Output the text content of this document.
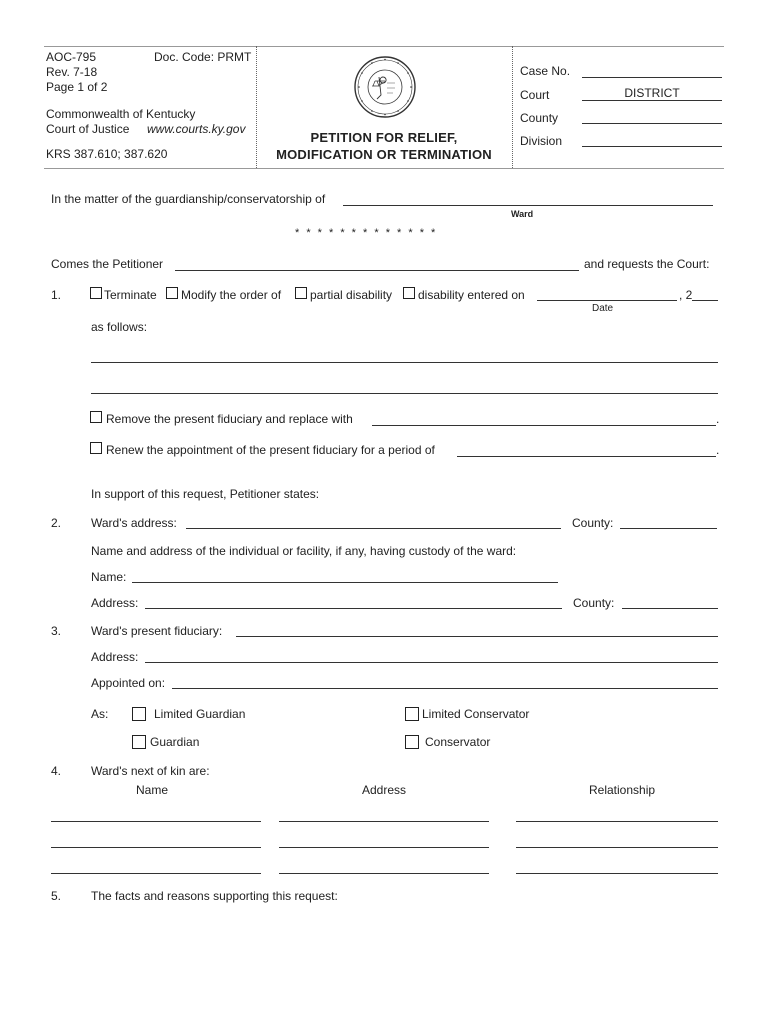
AOC-795	Doc. Code: PRMT
Rev. 7-18
Page 1 of 2
Commonwealth of Kentucky
Court of Justice www.courts.ky.gov
KRS 387.610; 387.620
PETITION FOR RELIEF,
MODIFICATION OR TERMINATION
Case No.
Court	DISTRICT
County
Division
In the matter of the guardianship/conservatorship of
Ward
* * * * * * * * * * * * *
Comes the Petitioner	and requests the Court:
1.	Terminate Modify the order of partial disability disability entered on	, 2
Date
as follows:
Remove the present fiduciary and replace with	.
Renew the appointment of the present fiduciary for a period of	.
In support of this request, Petitioner states:
2. Ward's address:	County:
Name and address of the individual or facility, if any, having custody of the ward:
Name:
Address:	County:
3. Ward's present fiduciary:
Address:
Appointed on:
As:	Limited Guardian	Limited Conservator
Guardian	Conservator
4. Ward's next of kin are:
Name	Address	Relationship
5. The facts and reasons supporting this request:
